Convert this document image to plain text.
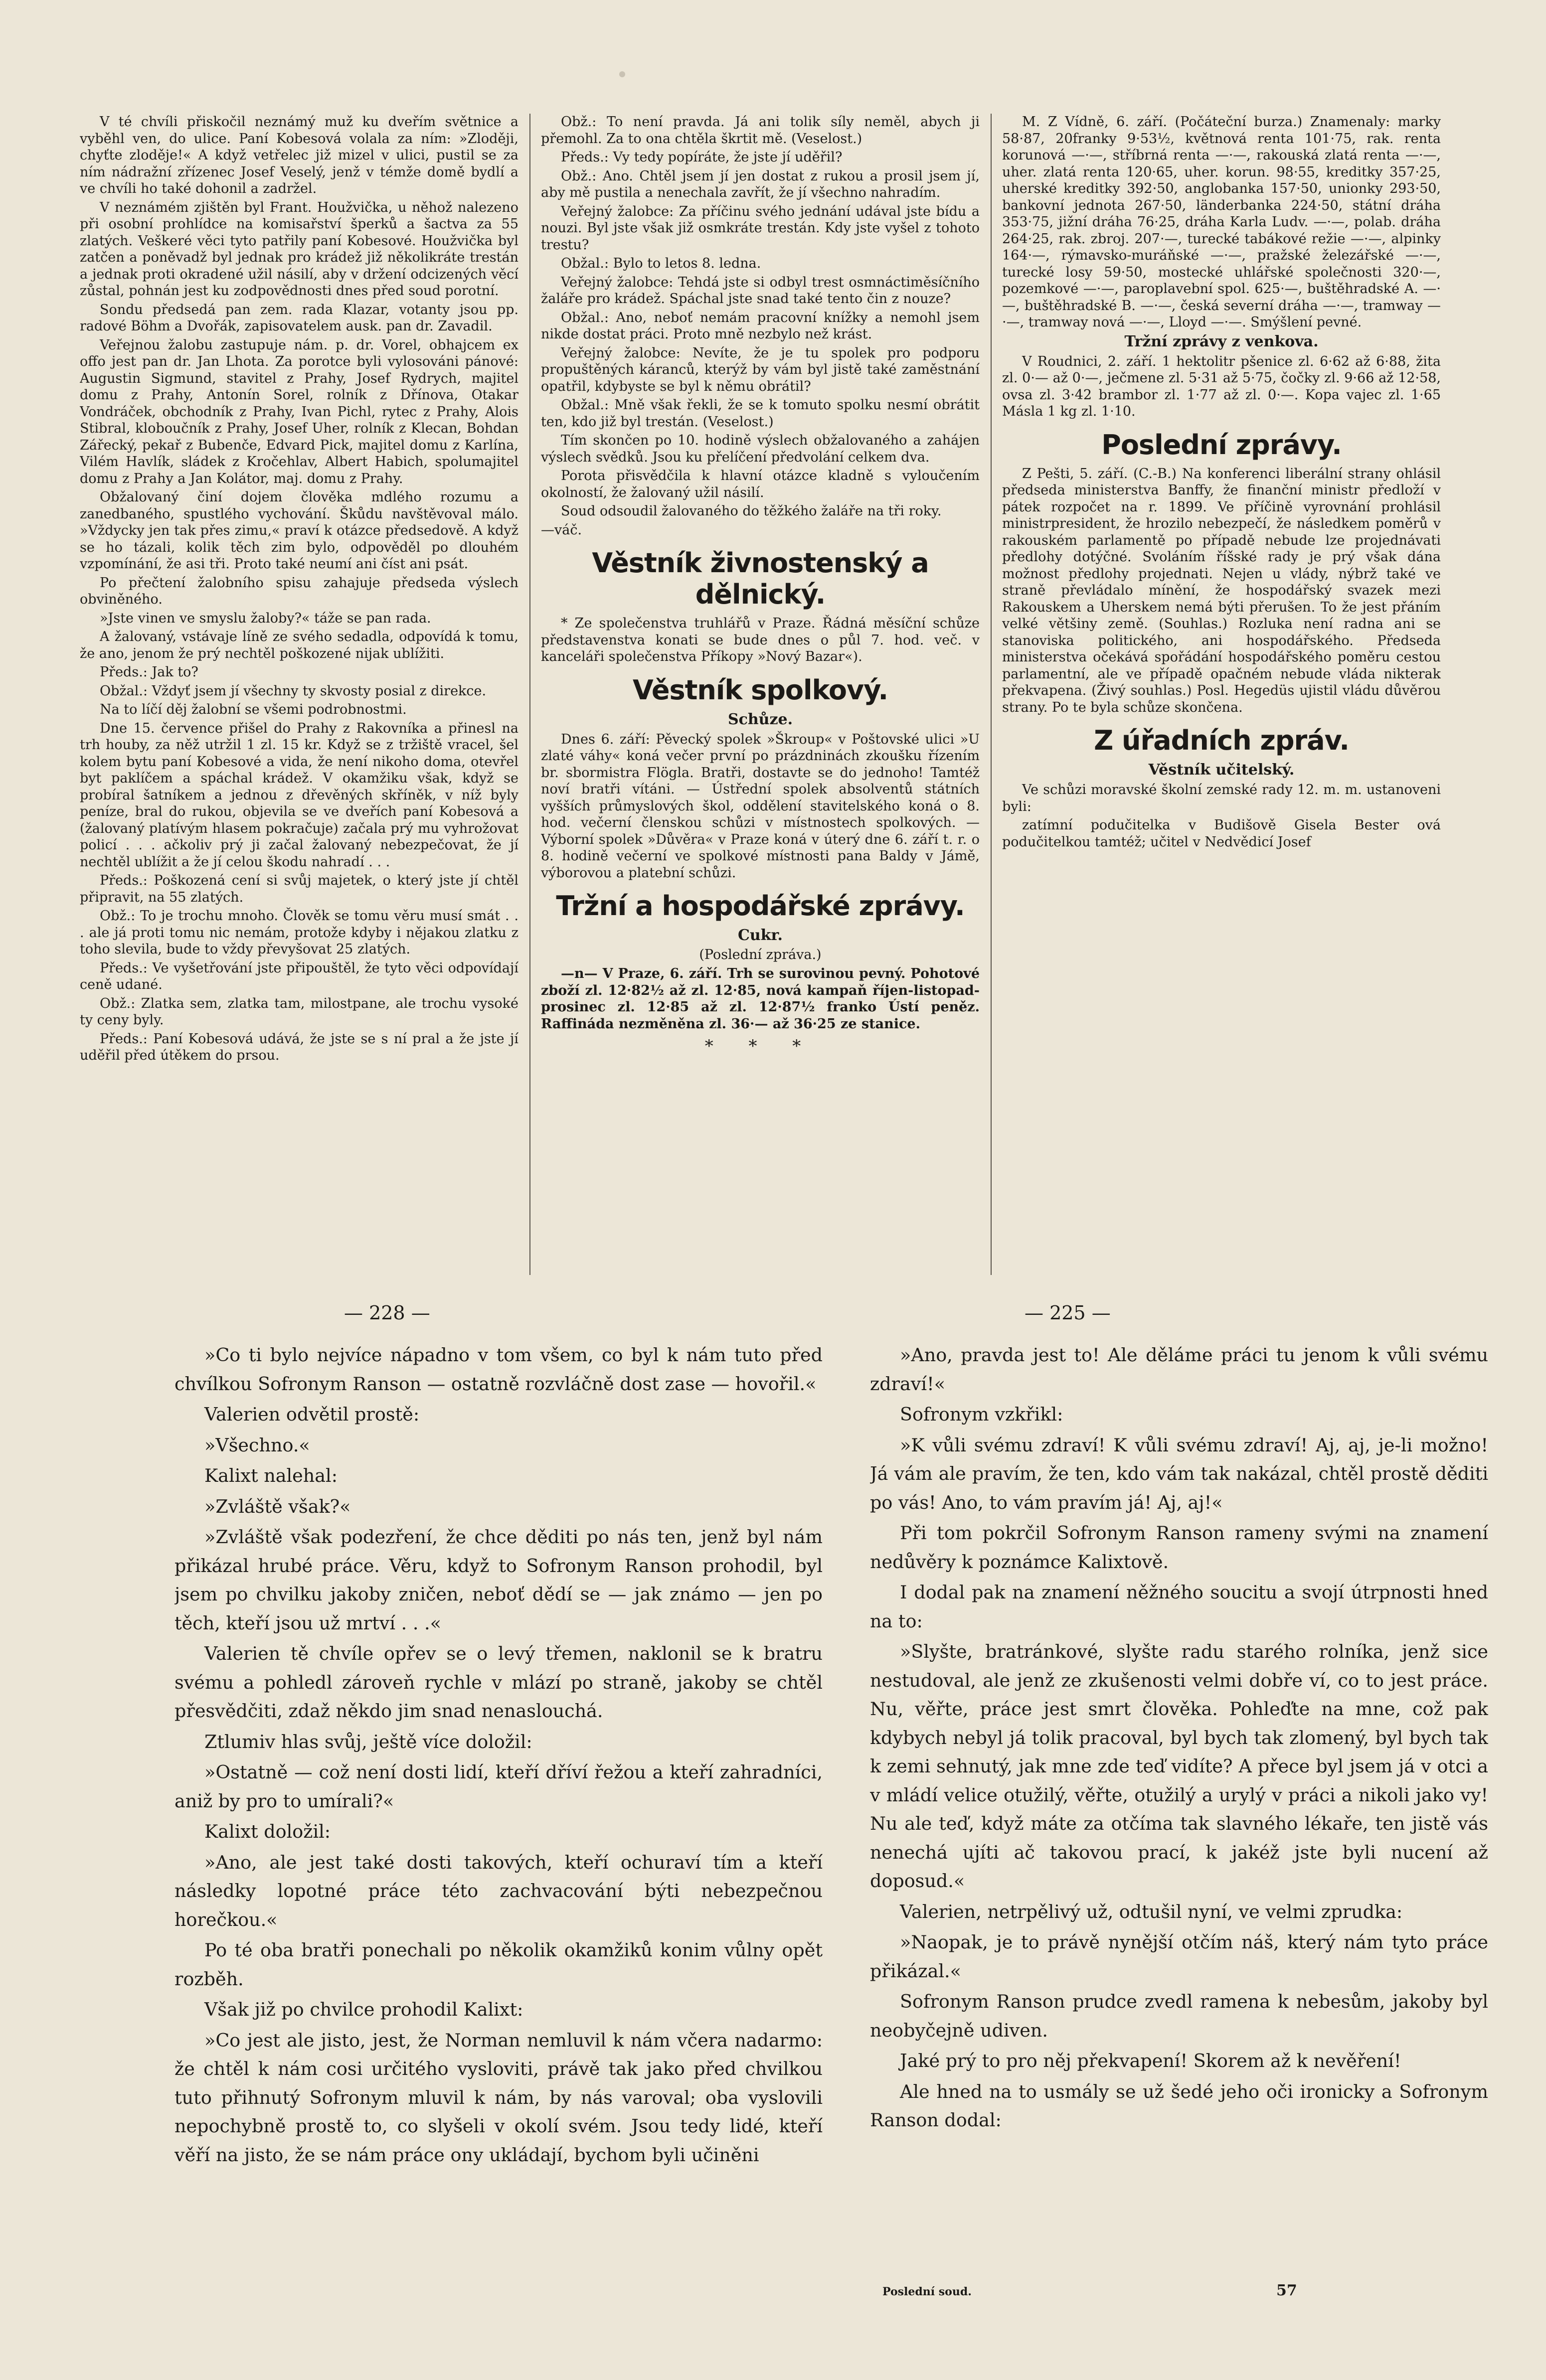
V té chvíli přiskočil neznámý muž ku dveřím světnice a vyběhl ven, do ulice. Paní Kobesová volala za ním: »Zloději, chyťte zloděje!« A když vetřelec již mizel v ulici, pustil se za ním nádražní zřízenec Josef Veselý, jenž v témže domě bydlí a ve chvíli ho také dohonil a zadržel.

V neznámém zjištěn byl Frant. Houžvička, u něhož nalezeno při osobní prohlídce na komisařství šperků a šactva za 55 zlatých. Veškeré věci tyto patřily paní Kobesové. Houžvička byl zatčen a poněvadž byl jednak pro krádež již několikráte trestán a jednak proti okradené užil násilí, aby v držení odcizených věcí zůstal, pohnán jest ku zodpovědnosti dnes před soud porotní.

Sondu předsedá pan zem. rada Klazar, votanty jsou pp. radové Böhm a Dvořák, zapisovatelem ausk. pan dr. Zavadil.

Veřejnou žalobu zastupuje nám. p. dr. Vorel, obhajcem ex offo jest pan dr. Jan Lhota. Za porotce byli vylosováni pánové: Augustin Sigmund, stavitel z Prahy, Josef Rydrych, majitel domu z Prahy, Antonín Sorel, rolník z Dřínova, Otakar Vondráček, obchodník z Prahy, Ivan Pichl, rytec z Prahy, Alois Stibral, kloboučník z Prahy, Josef Uher, rolník z Klecan, Bohdan Zářecký, pekař z Bubenče, Edvard Pick, majitel domu z Karlína, Vilém Havlík, sládek z Kročehlav, Albert Habich, spolumajitel domu z Prahy a Jan Kolátor, maj. domu z Prahy.

Obžalovaný činí dojem člověka mdlého rozumu a zanedbaného, spustlého vychování. Škůdu navštěvoval málo. »Vždycky jen tak přes zimu,« praví k otázce předsedově. A když se ho tázali, kolik těch zim bylo, odpověděl po dlouhém vzpomínání, že asi tři. Proto také neumí ani číst ani psát.

Po přečtení žalobního spisu zahajuje předseda výslech obviněného.

»Jste vinen ve smyslu žaloby?« táže se pan rada.

A žalovaný, vstávaje líně ze svého sedadla, odpovídá k tomu, že ano, jenom že prý nechtěl poškozené nijak ublížiti.

Předs.: Jak to?

Obžal.: Vždyť jsem jí všechny ty skvosty posial z direkce.

Na to líčí děj žalobní se všemi podrobnostmi.

Dne 15. července přišel do Prahy z Rakovníka a přinesl na trh houby, za něž utržil 1 zl. 15 kr. Když se z tržiště vracel, šel kolem bytu paní Kobesové a vida, že není nikoho doma, otevřel byt paklíčem a spáchal krádež. V okamžiku však, když se probíral šatníkem a jednou z dřevěných skříněk, v níž byly peníze, bral do rukou, objevila se ve dveřích paní Kobesová a (žalovaný platívým hlasem pokračuje) začala prý mu vyhrožovat policí . . . ačkoliv prý ji začal žalovaný nebezpečovat, že jí nechtěl ublížit a že jí celou škodu nahradí . . .

Předs.: Poškozená cení si svůj majetek, o který jste jí chtěl připravit, na 55 zlatých.

Obž.: To je trochu mnoho. Člověk se tomu věru musí smát . . . ale já proti tomu nic nemám, protože kdyby i nějakou zlatku z toho slevila, bude to vždy převyšovat 25 zlatých.

Předs.: Ve vyšetřování jste připouštěl, že tyto věci odpovídají ceně udané.

Obž.: Zlatka sem, zlatka tam, milostpane, ale trochu vysoké ty ceny byly.

Předs.: Paní Kobesová udává, že jste se s ní pral a že jste jí uděřil před útěkem do prsou.

Obž.: To není pravda. Já ani tolik síly neměl, abych ji přemohl. Za to ona chtěla škrtit mě. (Veselost.)

Předs.: Vy tedy popíráte, že jste jí uděřil?

Obž.: Ano. Chtěl jsem jí jen dostat z rukou a prosil jsem jí, aby mě pustila a nenechala zavřít, že jí všechno nahradím.

Veřejný žalobce: Za příčinu svého jednání udával jste bídu a nouzi. Byl jste však již osmkráte trestán. Kdy jste vyšel z tohoto trestu?

Obžal.: Bylo to letos 8. ledna.

Veřejný žalobce: Tehdá jste si odbyl trest osmnáctiměsíčního žaláře pro krádež. Spáchal jste snad také tento čin z nouze?

Obžal.: Ano, neboť nemám pracovní knížky a nemohl jsem nikde dostat práci. Proto mně nezbylo než krást.

Veřejný žalobce: Nevíte, že je tu spolek pro podporu propuštěných káranců, kterýž by vám byl jistě také zaměstnání opatřil, kdybyste se byl k němu obrátil?

Obžal.: Mně však řekli, že se k tomuto spolku nesmí obrátit ten, kdo již byl trestán. (Veselost.)

Tím skončen po 10. hodině výslech obžalovaného a zahájen výslech svědků. Jsou ku přelíčení předvolání celkem dva.

Porota přisvědčila k hlavní otázce kladně s vyloučením okolností, že žalovaný užil násilí.

Soud odsoudil žalovaného do těžkého žaláře na tři roky.

—váč.

Věstník živnostenský a dělnický.

* Ze společenstva truhlářů v Praze. Řádná měsíční schůze představenstva konati se bude dnes o půl 7. hod. več. v kanceláři společenstva Příkopy »Nový Bazar«).

Věstník spolkový.
Schůze.

Dnes 6. září: Pěvecký spolek »Škroup« v Poštovské ulici »U zlaté váhy« koná večer první po prázdninách zkoušku řízením br. sbormistra Flögla. Bratři, dostavte se do jednoho! Tamtéž noví bratři vítáni. — Ústřední spolek absolventů státních vyšších průmyslových škol, oddělení stavitelského koná o 8. hod. večerní členskou schůzi v místnostech spolkových. — Výborní spolek »Důvěra« v Praze koná v úterý dne 6. září t. r. o 8. hodině večerní ve spolkové místnosti pana Baldy v Jámě, výborovou a platební schůzi.

Tržní a hospodářské zprávy.
Cukr.
(Poslední zpráva.)

—n— V Praze, 6. září. Trh se surovinou pevný. Pohotové zboží zl. 12·82½ až zl. 12·85, nová kampaň říjen-listopad-prosinec zl. 12·85 až zl. 12·87½ franko Ústí peněz. Raffináda nezměněna zl. 36·— až 36·25 ze stanice.

* * *

M. Z Vídně, 6. září. (Počáteční burza.) Znamenaly: marky 58·87, 20franky 9·53½, květnová renta 101·75, rak. renta korunová —·—, stříbrná renta —·—, rakouská zlatá renta —·—, uher. zlatá renta 120·65, uher. korun. 98·55, kreditky 357·25, uherské kreditky 392·50, anglobanka 157·50, unionky 293·50, bankovní jednota 267·50, länderbanka 224·50, státní dráha 353·75, jižní dráha 76·25, dráha Karla Ludv. —·—, polab. dráha 264·25, rak. zbroj. 207·—, turecké tabákové režie —·—, alpinky 164·—, rýmavsko-muráňské —·—, pražské železářské —·—, turecké losy 59·50, mostecké uhlářské společnosti 320·—, pozemkové —·—, paroplavební spol. 625·—, buštěhradské A. —·—, buštěhradské B. —·—, česká severní dráha —·—, tramway —·—, tramway nová —·—, Lloyd —·—. Smýšlení pevné.

Tržní zprávy z venkova.

V Roudnici, 2. září. 1 hektolitr pšenice zl. 6·62 až 6·88, žita zl. 0·— až 0·—, ječmene zl. 5·31 až 5·75, čočky zl. 9·66 až 12·58, ovsa zl. 3·42 brambor zl. 1·77 až zl. 0·—. Kopa vajec zl. 1·65 Másla 1 kg zl. 1·10.

Poslední zprávy.

Z Pešti, 5. září. (C.-B.) Na konferenci liberální strany ohlásil předseda ministerstva Banffy, že finanční ministr předloží v pátek rozpočet na r. 1899. Ve příčině vyrovnání prohlásil ministrpresident, že hrozilo nebezpečí, že následkem poměrů v rakouském parlamentě po případě nebude lze projednávati předlohy dotýčné. Svoláním říšské rady je prý však dána možnost předlohy projednati. Nejen u vlády, nýbrž také ve straně převládalo mínění, že hospodářský svazek mezi Rakouskem a Uherskem nemá býti přerušen. To že jest přáním velké většiny země. (Souhlas.) Rozluka není radna ani se stanoviska politického, ani hospodářského. Předseda ministerstva očekává spořádání hospodářského poměru cestou parlamentní, ale ve případě opačném nebude vláda nikterak překvapena. (Živý souhlas.) Posl. Hegedüs ujistil vládu důvěrou strany. Po te byla schůze skončena.

Z úřadních zpráv.
Věstník učitelský.

Ve schůzi moravské školní zemské rady 12. m. m. ustanoveni byli:

zatímní podučitelka v Budišově Gisela Bester ová podučitelkou tamtéž; učitel v Nedvědicí Josef

— 228 —	— 225 —

»Co ti bylo nejvíce nápadno v tom všem, co byl k nám tuto před chvílkou Sofronym Ranson — ostatně rozvláčně dost zase — hovořil.«

Valerien odvětil prostě:

»Všechno.«

Kalixt nalehal:

»Zvláště však?«

»Zvláště však podezření, že chce děditi po nás ten, jenž byl nám přikázal hrubé práce. Věru, když to Sofronym Ranson prohodil, byl jsem po chvilku jakoby zničen, neboť dědí se — jak známo — jen po těch, kteří jsou už mrtví . . .«

Valerien tě chvíle opřev se o levý třemen, naklonil se k bratru svému a pohledl zároveň rychle v mlází po straně, jakoby se chtěl přesvědčiti, zdaž někdo jim snad nenaslouchá.

Ztlumiv hlas svůj, ještě více doložil:

»Ostatně — což není dosti lidí, kteří dříví řežou a kteří zahradníci, aniž by pro to umírali?«

Kalixt doložil:

»Ano, ale jest také dosti takových, kteří ochuraví tím a kteří následky lopotné práce této zachvacování býti nebezpečnou horečkou.«

Po té oba bratři ponechali po několik okamžiků konim vůlny opět rozběh.

Však již po chvilce prohodil Kalixt:

»Co jest ale jisto, jest, že Norman nemluvil k nám včera nadarmo: že chtěl k nám cosi určitého vysloviti, právě tak jako před chvilkou tuto přihnutý Sofronym mluvil k nám, by nás varoval; oba vyslovili nepochybně prostě to, co slyšeli v okolí svém. Jsou tedy lidé, kteří věří na jisto, že se nám práce ony ukládají, bychom byli učiněni

»Ano, pravda jest to! Ale děláme práci tu jenom k vůli svému zdraví!«

Sofronym vzkřikl:

»K vůli svému zdraví! K vůli svému zdraví! Aj, aj, je-li možno! Já vám ale pravím, že ten, kdo vám tak nakázal, chtěl prostě děditi po vás! Ano, to vám pravím já! Aj, aj!«

Při tom pokrčil Sofronym Ranson rameny svými na znamení nedůvěry k poznámce Kalixtově.

I dodal pak na znamení něžného soucitu a svojí útrpnosti hned na to:

»Slyšte, bratránkové, slyšte radu starého rolníka, jenž sice nestudoval, ale jenž ze zkušenosti velmi dobře ví, co to jest práce. Nu, věřte, práce jest smrt člověka. Pohleďte na mne, což pak kdybych nebyl já tolik pracoval, byl bych tak zlomený, byl bych tak k zemi sehnutý, jak mne zde teď vidíte? A přece byl jsem já v otci a v mládí velice otužilý, věřte, otužilý a urylý v práci a nikoli jako vy! Nu ale teď, když máte za otčíma tak slavného lékaře, ten jistě vás nenechá ujíti ač takovou prací, k jakéž jste byli nucení až doposud.«

Valerien, netrpělivý už, odtušil nyní, ve velmi zprudka:

»Naopak, je to právě nynější otčím náš, který nám tyto práce přikázal.«

Sofronym Ranson prudce zvedl ramena k nebesům, jakoby byl neobyčejně udiven.

Jaké prý to pro něj překvapení! Skorem až k nevěření!

Ale hned na to usmály se už šedé jeho oči ironicky a Sofronym Ranson dodal:

Poslední soud.	57
